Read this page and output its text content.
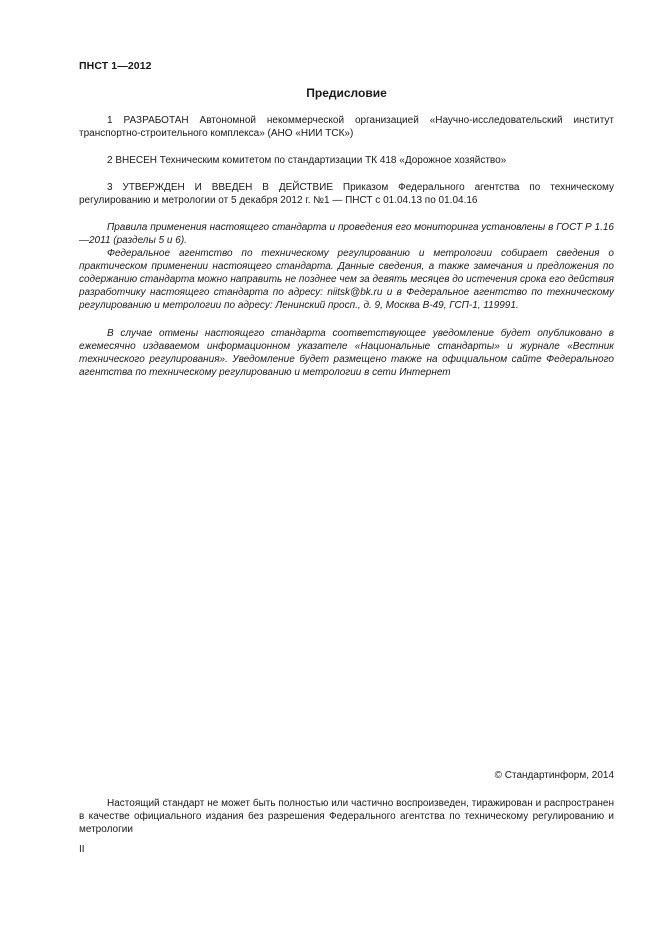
ПНСТ 1—2012
Предисловие

1 РАЗРАБОТАН Автономной некоммерческой организацией «Научно-исследовательский институт транспортно-строительного комплекса» (АНО «НИИ ТСК»)

2 ВНЕСЕН Техническим комитетом по стандартизации ТК 418 «Дорожное хозяйство»

3 УТВЕРЖДЕН И ВВЕДЕН В ДЕЙСТВИЕ Приказом Федерального агентства по техническому регулированию и метрологии от 5 декабря 2012 г. №1 — ПНСТ с 01.04.13 по 01.04.16

Правила применения настоящего стандарта и проведения его мониторинга установлены в ГОСТ Р 1.16—2011 (разделы 5 и 6).

Федеральное агентство по техническому регулированию и метрологии собирает сведения о практическом применении настоящего стандарта. Данные сведения, а также замечания и предложения по содержанию стандарта можно направить не позднее чем за девять месяцев до истечения срока его действия разработчику настоящего стандарта по адресу: niitsk@bk.ru и в Федеральное агентство по техническому регулированию и метрологии по адресу: Ленинский просп., д. 9, Москва В-49, ГСП-1, 119991.

В случае отмены настоящего стандарта соответствующее уведомление будет опубликовано в ежемесячно издаваемом информационном указателе «Национальные стандарты» и журнале «Вестник технического регулирования». Уведомление будет размещено также на официальном сайте Федерального агентства по техническому регулированию и метрологии в сети Интернет

© Стандартинформ, 2014

Настоящий стандарт не может быть полностью или частично воспроизведен, тиражирован и распространен в качестве официального издания без разрешения Федерального агентства по техническому регулированию и метрологии

II
